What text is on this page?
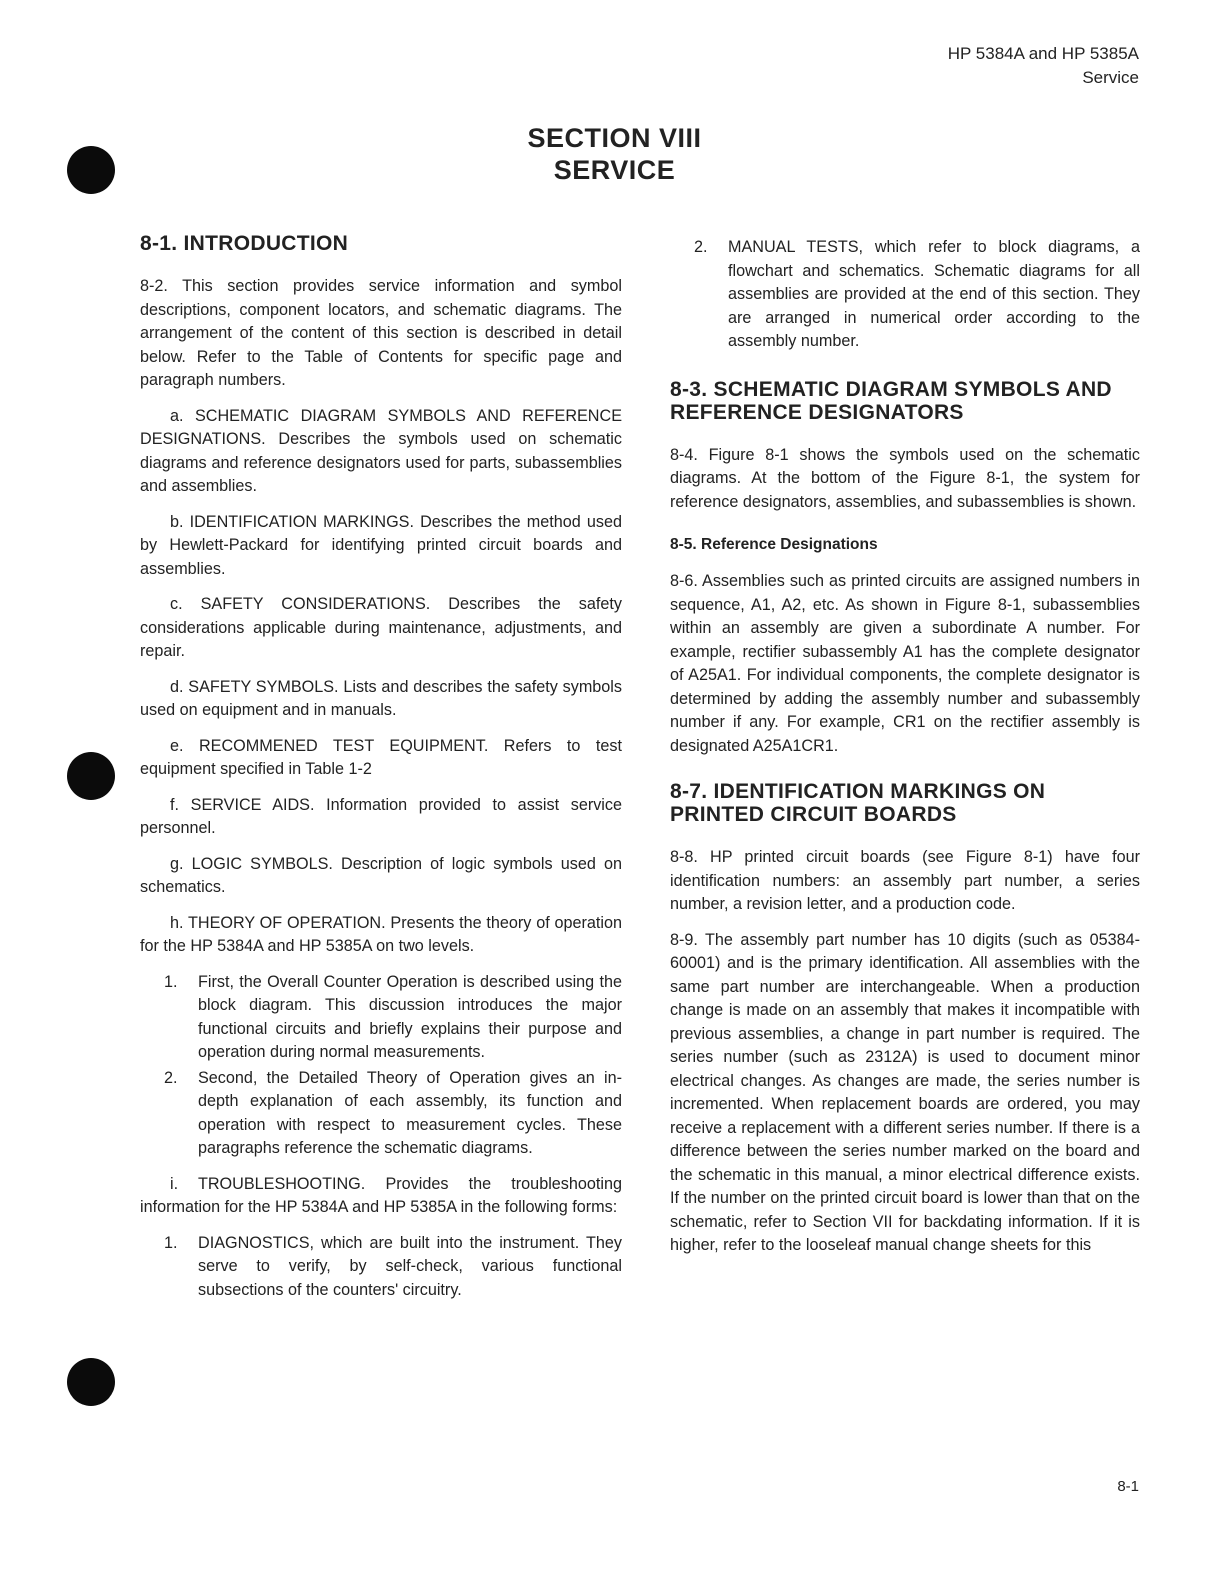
HP 5384A and HP 5385A
Service
SECTION VIII
SERVICE
8-1. INTRODUCTION

8-2. This section provides service information and symbol descriptions, component locators, and schematic diagrams. The arrangement of the content of this section is described in detail below. Refer to the Table of Contents for specific page and paragraph numbers.

a. SCHEMATIC DIAGRAM SYMBOLS AND REFERENCE DESIGNATIONS. Describes the symbols used on schematic diagrams and reference designators used for parts, subassemblies and assemblies.

b. IDENTIFICATION MARKINGS. Describes the method used by Hewlett-Packard for identifying printed circuit boards and assemblies.

c. SAFETY CONSIDERATIONS. Describes the safety considerations applicable during maintenance, adjustments, and repair.

d. SAFETY SYMBOLS. Lists and describes the safety symbols used on equipment and in manuals.

e. RECOMMENED TEST EQUIPMENT. Refers to test equipment specified in Table 1-2

f. SERVICE AIDS. Information provided to assist service personnel.

g. LOGIC SYMBOLS. Description of logic symbols used on schematics.

h. THEORY OF OPERATION. Presents the theory of operation for the HP 5384A and HP 5385A on two levels.

1. First, the Overall Counter Operation is described using the block diagram. This discussion introduces the major functional circuits and briefly explains their purpose and operation during normal measurements.
2. Second, the Detailed Theory of Operation gives an in-depth explanation of each assembly, its function and operation with respect to measurement cycles. These paragraphs reference the schematic diagrams.

i. TROUBLESHOOTING. Provides the troubleshooting information for the HP 5384A and HP 5385A in the following forms:

1. DIAGNOSTICS, which are built into the instrument. They serve to verify, by self-check, various functional subsections of the counters' circuitry.
2. MANUAL TESTS, which refer to block diagrams, a flowchart and schematics. Schematic diagrams for all assemblies are provided at the end of this section. They are arranged in numerical order according to the assembly number.
8-3. SCHEMATIC DIAGRAM SYMBOLS AND REFERENCE DESIGNATORS

8-4. Figure 8-1 shows the symbols used on the schematic diagrams. At the bottom of the Figure 8-1, the system for reference designators, assemblies, and subassemblies is shown.

8-5. Reference Designations

8-6. Assemblies such as printed circuits are assigned numbers in sequence, A1, A2, etc. As shown in Figure 8-1, subassemblies within an assembly are given a subordinate A number. For example, rectifier subassembly A1 has the complete designator of A25A1. For individual components, the complete designator is determined by adding the assembly number and subassembly number if any. For example, CR1 on the rectifier assembly is designated A25A1CR1.

8-7. IDENTIFICATION MARKINGS ON PRINTED CIRCUIT BOARDS

8-8. HP printed circuit boards (see Figure 8-1) have four identification numbers: an assembly part number, a series number, a revision letter, and a production code.

8-9. The assembly part number has 10 digits (such as 05384-60001) and is the primary identification. All assemblies with the same part number are interchangeable. When a production change is made on an assembly that makes it incompatible with previous assemblies, a change in part number is required. The series number (such as 2312A) is used to document minor electrical changes. As changes are made, the series number is incremented. When replacement boards are ordered, you may receive a replacement with a different series number. If there is a difference between the series number marked on the board and the schematic in this manual, a minor electrical difference exists. If the number on the printed circuit board is lower than that on the schematic, refer to Section VII for backdating information. If it is higher, refer to the looseleaf manual change sheets for this

8-1
